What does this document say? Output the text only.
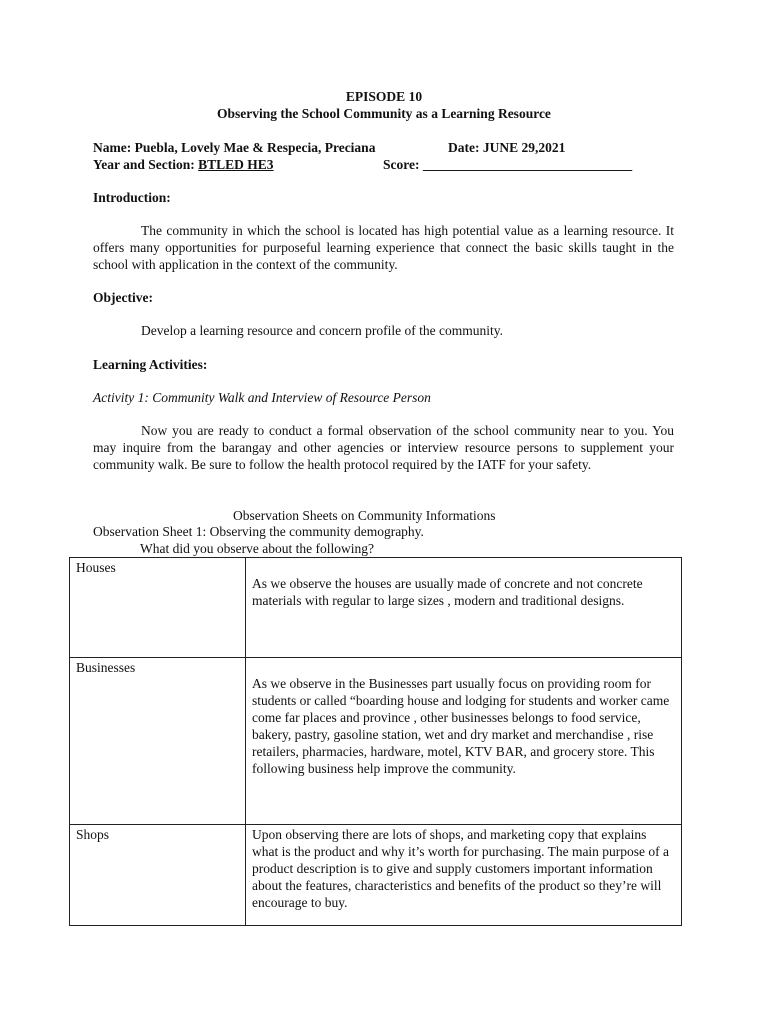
EPISODE 10
Observing the School Community as a Learning Resource
Name: Puebla, Lovely Mae & Respecia, Preciana	Date: JUNE 29,2021
Year and Section: BTLED HE3	Score: _______________________________
Introduction:
The community in which the school is located has high potential value as a learning resource. It offers many opportunities for purposeful learning experience that connect the basic skills taught in the school with application in the context of the community.
Objective:
Develop a learning resource and concern profile of the community.
Learning Activities:
Activity 1: Community Walk and Interview of Resource Person
Now you are ready to conduct a formal observation of the school community near to you. You may inquire from the barangay and other agencies or interview resource persons to supplement your community walk. Be sure to follow the health protocol required by the IATF for your safety.
Observation Sheets on Community Informations
Observation Sheet 1: Observing the community demography.
What did you observe about the following?
Houses	As we observe the houses are usually made of concrete and not concrete materials with regular to large sizes , modern and traditional designs.
Businesses	As we observe in the Businesses part usually focus on providing room for students or called “boarding house and lodging for students and worker came come far places and province , other businesses belongs to food service, bakery, pastry, gasoline station, wet and dry market and merchandise , rise retailers, pharmacies, hardware, motel, KTV BAR, and grocery store. This following business help improve the community.
Shops	Upon observing there are lots of shops, and marketing copy that explains what is the product and why it’s worth for purchasing. The main purpose of a product description is to give and supply customers important information about the features, characteristics and benefits of the product so they’re will encourage to buy.
